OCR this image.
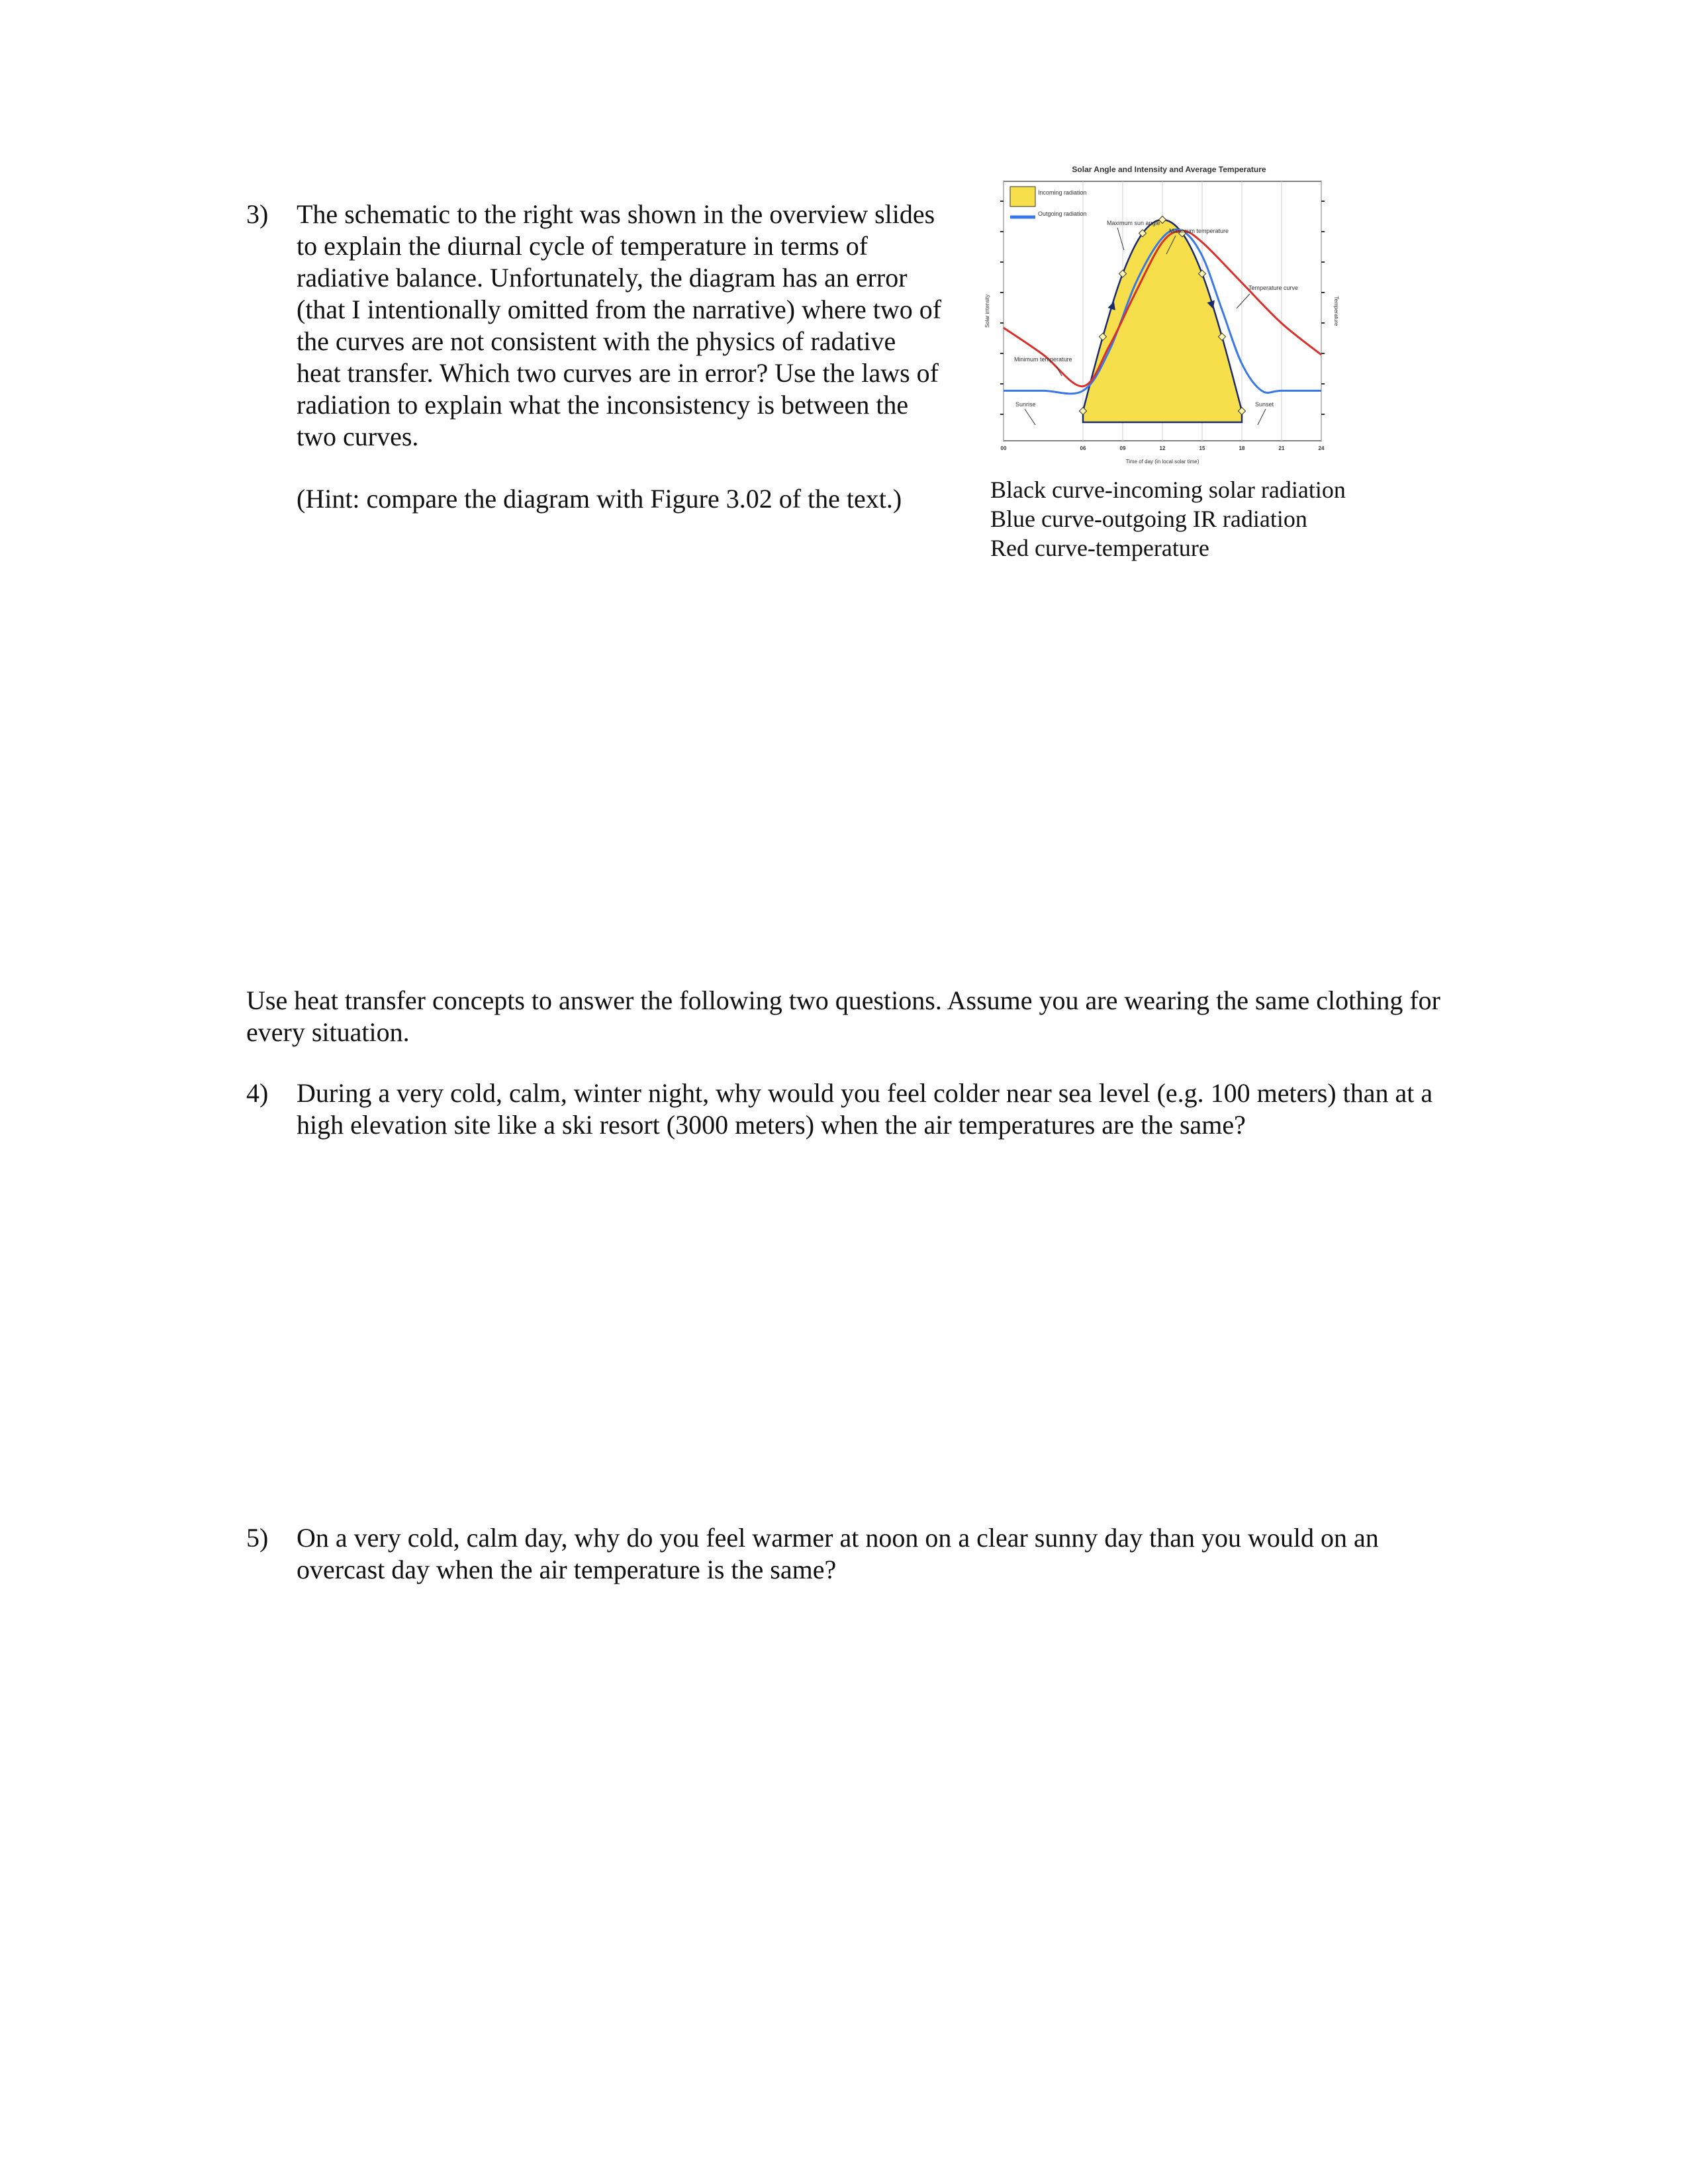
3) The schematic to the right was shown in the overview slides to explain the diurnal cycle of temperature in terms of radiative balance. Unfortunately, the diagram has an error (that I intentionally omitted from the narrative) where two of the curves are not consistent with the physics of radative heat transfer. Which two curves are in error? Use the laws of radiation to explain what the inconsistency is between the two curves.

(Hint: compare the diagram with Figure 3.02 of the text.)
Solar Angle and Intensity and Average Temperature
00	06	09	12	15	18	21	24
Incoming radiation
Outgoing radiation
Maximum sun angle
Maximum temperature
Temperature curve
Minimum temperature
Sunrise	Sunset
Time of day (in local solar time)
Solar intensity	Temperature
Black curve-incoming solar radiation
Blue curve-outgoing IR radiation
Red curve-temperature
Use heat transfer concepts to answer the following two questions. Assume you are wearing the same clothing for every situation.
4) During a very cold, calm, winter night, why would you feel colder near sea level (e.g. 100 meters) than at a high elevation site like a ski resort (3000 meters) when the air temperatures are the same?

5) On a very cold, calm day, why do you feel warmer at noon on a clear sunny day than you would on an overcast day when the air temperature is the same?
